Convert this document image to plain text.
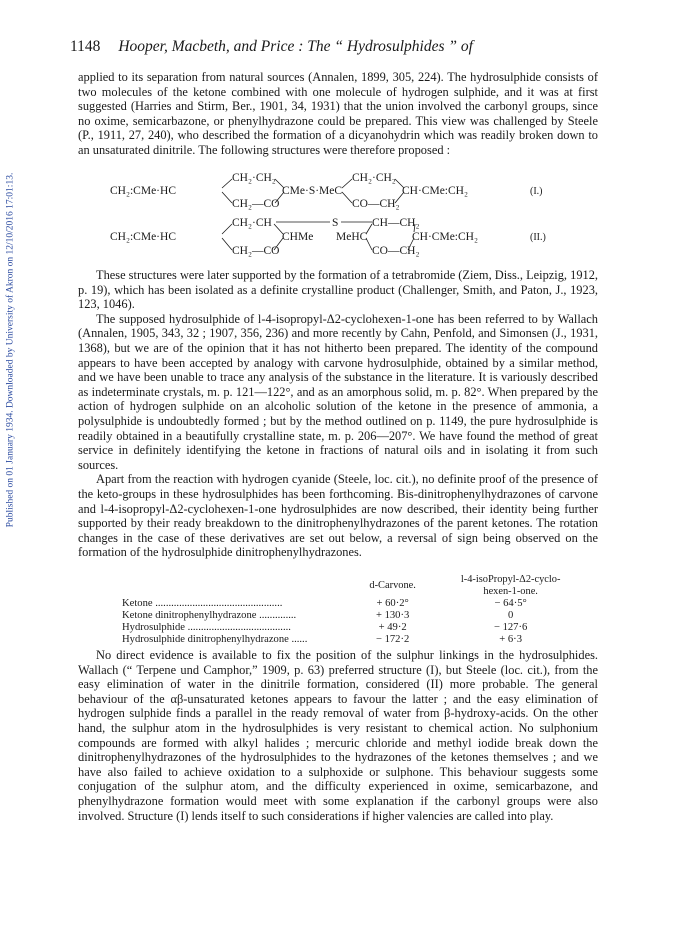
Published on 01 January 1934. Downloaded by University of Akron on 12/10/2016 17:01:13.
1148 Hooper, Macbeth, and Price : The “ Hydrosulphides ” of

applied to its separation from natural sources (Annalen, 1899, 305, 224). The hydrosulphide consists of two molecules of the ketone combined with one molecule of hydrogen sulphide, and it was at first suggested (Harries and Stirm, Ber., 1901, 34, 1931) that the union involved the carbonyl groups, since no oxime, semicarbazone, or phenylhydrazone could be prepared. This view was challenged by Steele (P., 1911, 27, 240), who described the formation of a dicyanohydrin which was readily broken down to an unsaturated dinitrile. The following structures were therefore proposed :

CH₂·CH₂	CH₂·CH₂
CH₂:CMe·HC	CMe·S·MeC	CH·CMe:CH₂
CH₂—CO	CO—CH₂
(I.)
CH₂·CH	S	CH—CH₂
CH₂:CMe·HC	CHMe MeHC	CH·CMe:CH₂
CH₂—CO	CO—CH₂
(II.)

These structures were later supported by the formation of a tetrabromide (Ziem, Diss., Leipzig, 1912, p. 19), which has been isolated as a definite crystalline product (Challenger, Smith, and Paton, J., 1923, 123, 1046).

The supposed hydrosulphide of l-4-isopropyl-Δ2-cyclohexen-1-one has been referred to by Wallach (Annalen, 1905, 343, 32 ; 1907, 356, 236) and more recently by Cahn, Penfold, and Simonsen (J., 1931, 1368), but we are of the opinion that it has not hitherto been prepared. The identity of the compound appears to have been accepted by analogy with carvone hydrosulphide, obtained by a similar method, and we have been unable to trace any analysis of the substance in the literature. It is variously described as indeterminate crystals, m. p. 121—122°, and as an amorphous solid, m. p. 82°. When prepared by the action of hydrogen sulphide on an alcoholic solution of the ketone in the presence of ammonia, a polysulphide is undoubtedly formed ; but by the method outlined on p. 1149, the pure hydrosulphide is readily obtained in a beautifully crystalline state, m. p. 206—207°. We have found the method of great service in definitely identifying the ketone in fractions of natural oils and in isolating it from such sources.

Apart from the reaction with hydrogen cyanide (Steele, loc. cit.), no definite proof of the presence of the keto-groups in these hydrosulphides has been forthcoming. Bis-dinitrophenylhydrazones of carvone and l-4-isopropyl-Δ2-cyclohexen-1-one hydrosulphides are now described, their identity being further supported by their ready breakdown to the dinitrophenylhydrazones of the parent ketones. The rotation changes in the case of these derivatives are set out below, a reversal of sign being observed on the formation of the hydrosulphide dinitrophenylhydrazones.

	d-Carvone.	l-4-isoPropyl-Δ2-cyclo-
hexen-1-one.
Ketone ................................................	+ 60·2°	− 64·5°
Ketone dinitrophenylhydrazone ..............	+ 130·3	0
Hydrosulphide .......................................	+ 49·2	− 127·6
Hydrosulphide dinitrophenylhydrazone ......	− 172·2	+ 6·3

No direct evidence is available to fix the position of the sulphur linkings in the hydrosulphides. Wallach (“ Terpene und Camphor,” 1909, p. 63) preferred structure (I), but Steele (loc. cit.), from the easy elimination of water in the dinitrile formation, considered (II) more probable. The general behaviour of the αβ-unsaturated ketones appears to favour the latter ; and the easy elimination of hydrogen sulphide finds a parallel in the ready removal of water from β-hydroxy-acids. On the other hand, the sulphur atom in the hydrosulphides is very resistant to chemical action. No sulphonium compounds are formed with alkyl halides ; mercuric chloride and methyl iodide break down the dinitrophenylhydrazones of the hydrosulphides to the hydrazones of the ketones themselves ; and we have also failed to achieve oxidation to a sulphoxide or sulphone. This behaviour suggests some conjugation of the sulphur atom, and the difficulty experienced in oxime, semicarbazone, and phenylhydrazone formation would meet with some explanation if the carbonyl groups were also involved. Structure (I) lends itself to such considerations if higher valencies are called into play.
